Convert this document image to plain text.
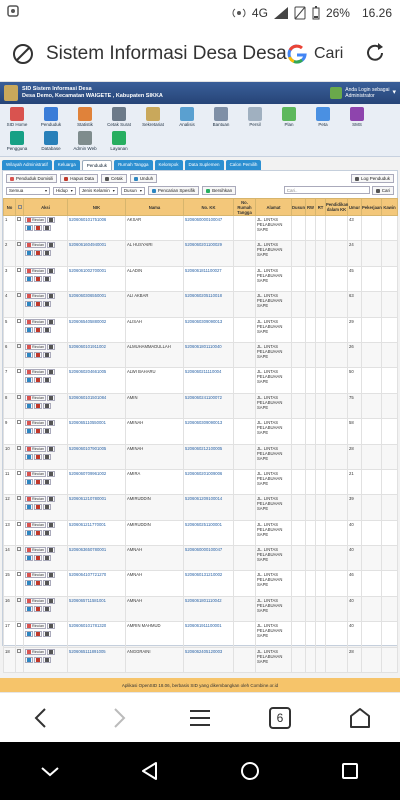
4G	26% 16.26
Sistem Informasi Desa Desa Cari
SID Sistem Informasi Desa
Desa Demo, Kecamatan WAIGETE , Kabupaten SIKKA
Anda Login sebagai
Administrator	▾
SID Home	Penduduk	Statistik	Cetak Surat Sekretariat	Analisis	Bantuan	Persil	Plan	Peta	SMS
Pengguna	Database	Admin Web	Layanan
Wilayah Administratif	Keluarga	Penduduk	Rumah Tangga	Kelompok	Data Suplemen	Calon Pemilih
Penduduk Domisili	Hapus Data	Cetak	Unduh	Log Penduduk
Semua	▾ Hidup ▾ Jenis Kelamin ▾ Dusun ▾	Pencarian Spesifik	Bersihkan	Cari..	Cari
No		Aksi	NIK	Nama	No. KK	No. Rumah Tangga	Alamat	Dusun	RW	RT	Pendidikan dalam KK	Umur	Pekerjaan	Kawin
1		Rincian	5206060101751006	AKSAR	5206060000100047		JL. LINTAS PELABUHAN SAPE					43		
2		Rincian	5206061604940001	AL HUSYAIRI	5206060201100029		JL. LINTAS PELABUHAN SAPE					24		
3		Rincian	5206061002700001	ALADIN	5206061811100027		JL. LINTAS PELABUHAN SAPE					45		
4		Rincian	5206060306550001	ALI AKBAR	5206060205110018		JL. LINTAS PELABUHAN SAPE					63		
5		Rincian	5206065405880002	ALISAH	5206060309090013		JL. LINTAS PELABUHAN SAPE					29		
6		Rincian	5206060101911002	ALMUHAMMADULLAH	5206061801110040		JL. LINTAS PELABUHAN SAPE					26		
7		Rincian	5206060204661005	ALWI BAHARU	5206060211110004		JL. LINTAS PELABUHAN SAPE					50		
8		Rincian	5206060101501084	AMIN	5206060241100072		JL. LINTAS PELABUHAN SAPE					75		
9		Rincian	5206065110550001	AMINAH	5206060309090013		JL. LINTAS PELABUHAN SAPE					58		
10		Rincian	5206060107901005	AMINAH	5206060212100005		JL. LINTAS PELABUHAN SAPE					28		
11		Rincian	5206060709961002	AMIRA	5206060201009006		JL. LINTAS PELABUHAN SAPE					21		
12		Rincian	5206061210780001	AMIRUDDIN	5206061209100014		JL. LINTAS PELABUHAN SAPE					39		
13		Rincian	5206061211770001	AMIRUDDIN	5206060251100001		JL. LINTAS PELABUHAN SAPE					40		
14		Rincian	5206063650780001	AMNAH	5206060000100047		JL. LINTAS PELABUHAN SAPE					40		
15		Rincian	5206064107721270	AMNAH	5206060131210002		JL. LINTAS PELABUHAN SAPE					46		
16		Rincian	5206065711581001	AMNAH	5206061801110042		JL. LINTAS PELABUHAN SAPE					40		
17		Rincian	5206060101781320	AMRIN MAHMUD	5206061911100001		JL. LINTAS PELABUHAN SAPE					40		
18		Rincian	5206065111891005	ANGGRAINI	5206062405120003		JL. LINTAS PELABUHAN SAPE					28		
Aplikasi OpenSID 18.06, berbasis SID yang dikembangkan oleh Combine.or.id
6
